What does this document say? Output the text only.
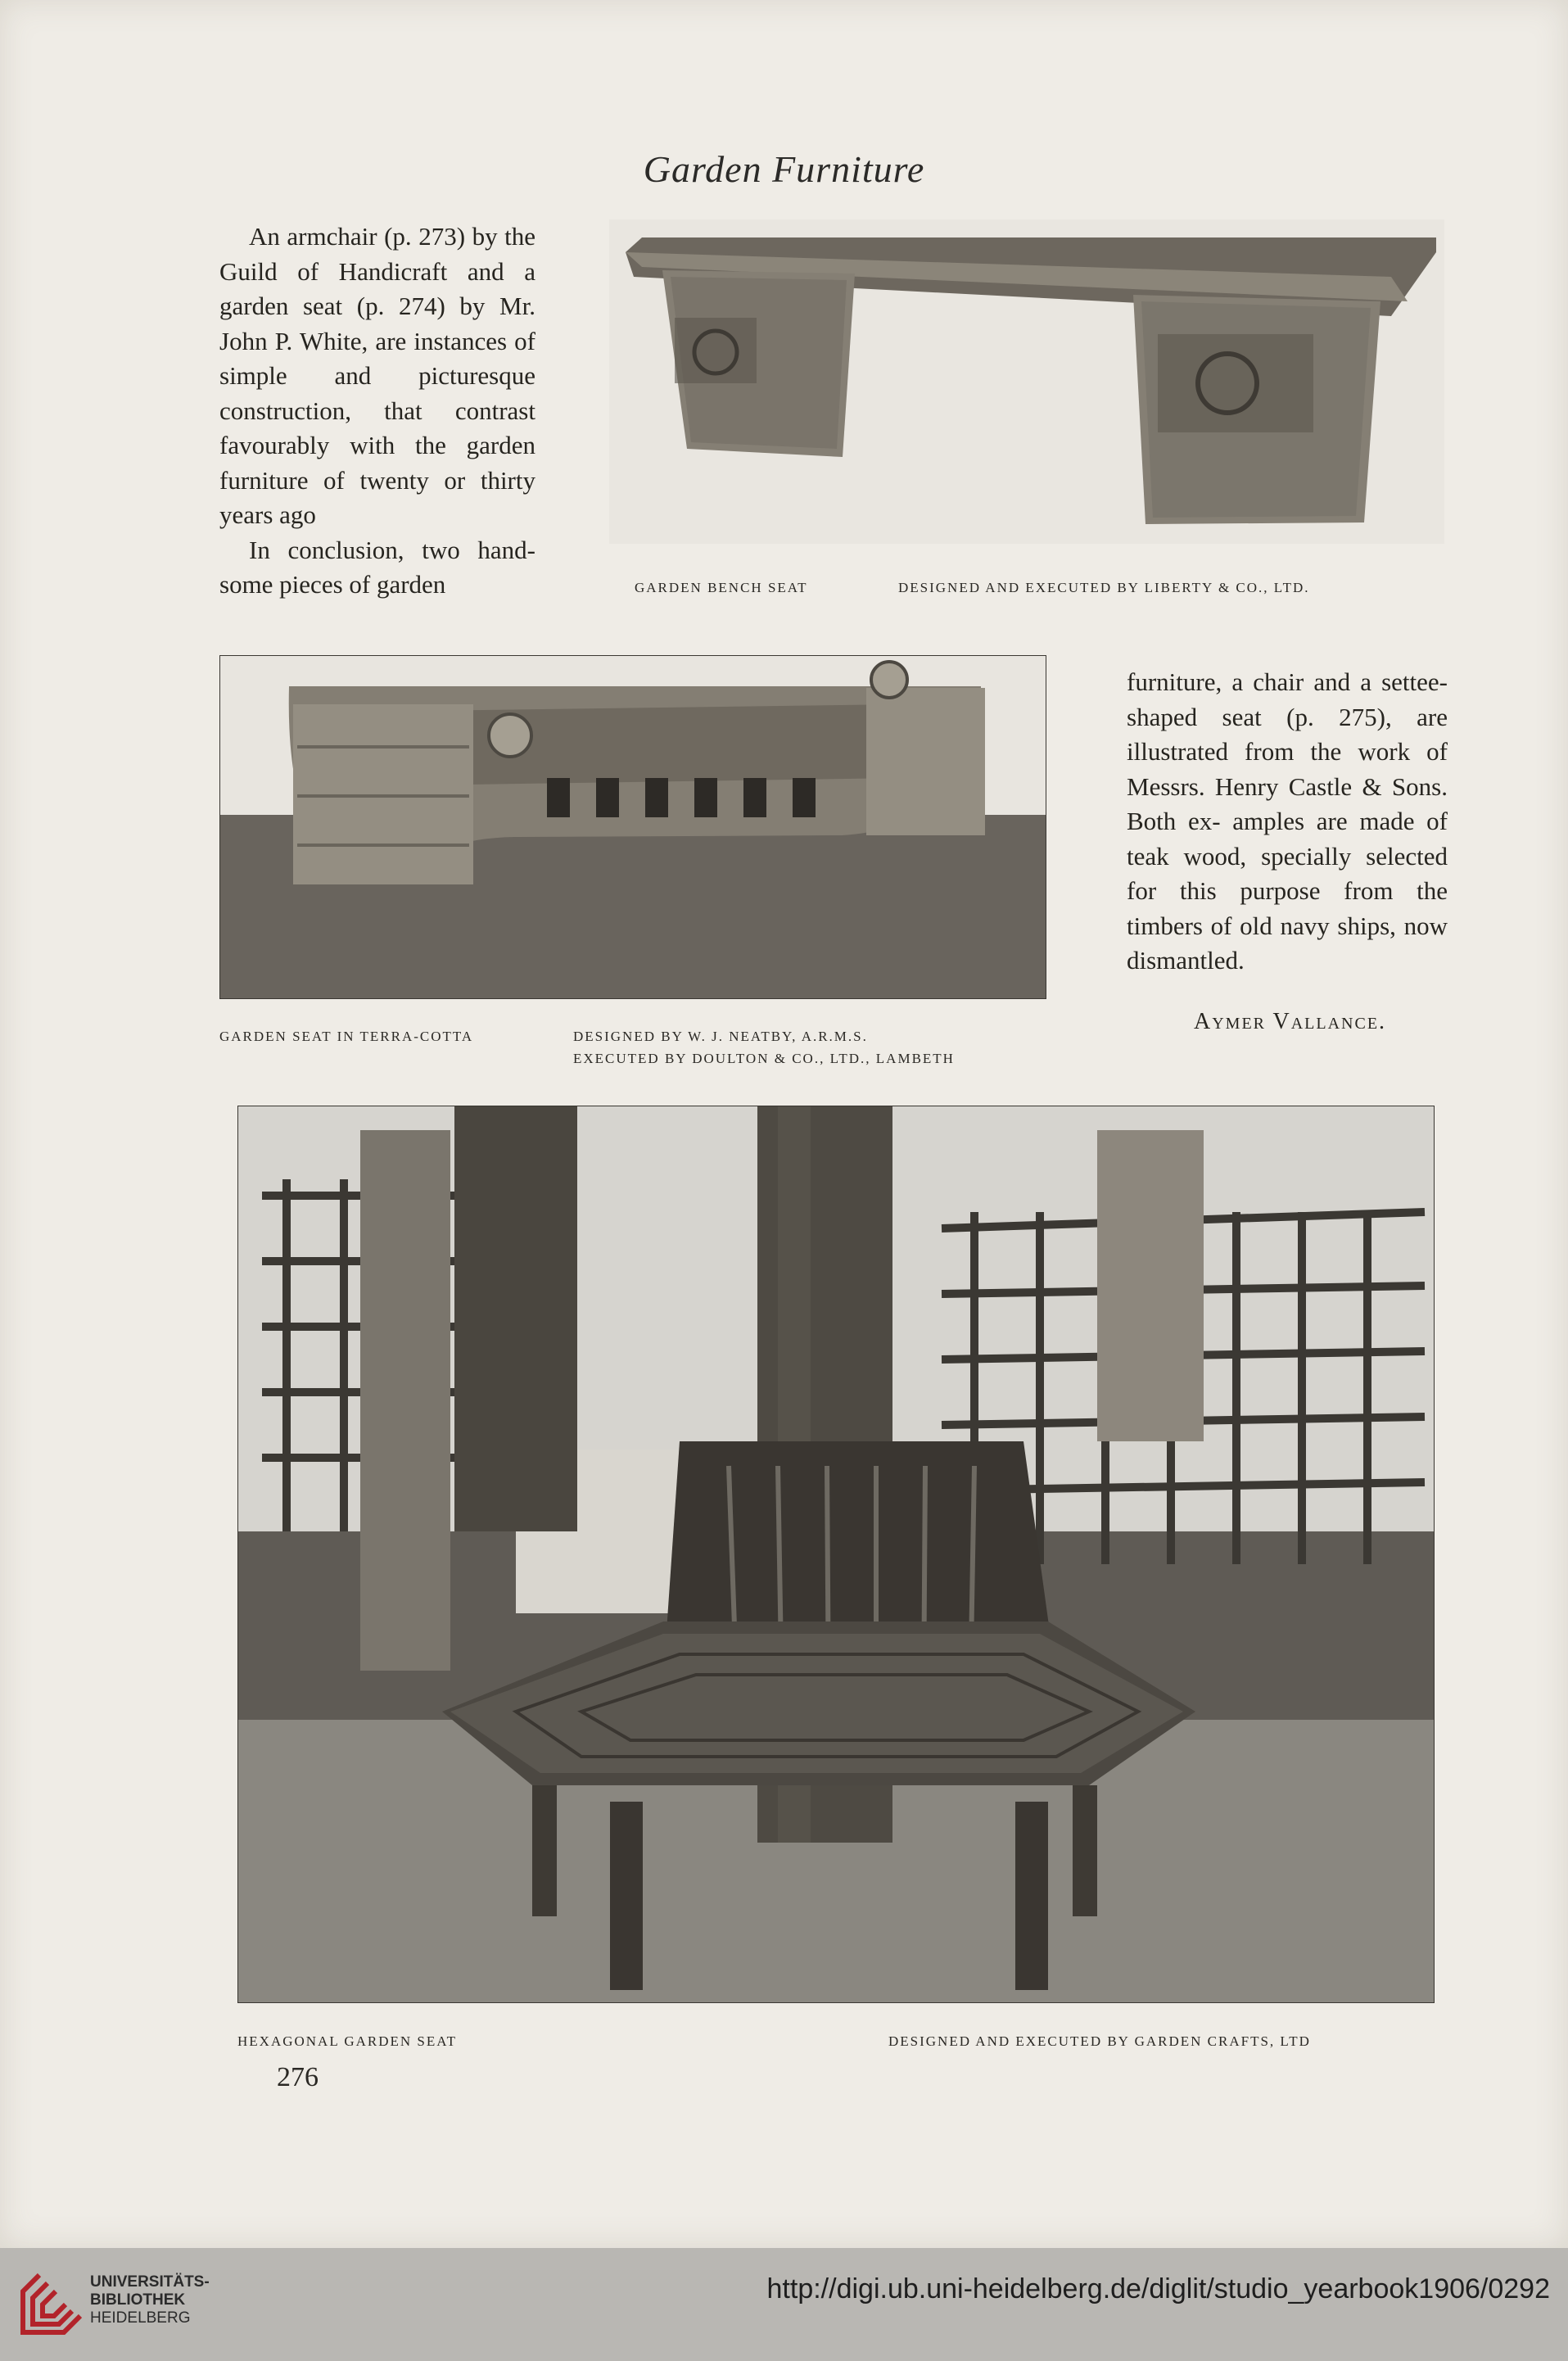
Garden Furniture

An armchair (p. 273) by the Guild of Handicraft and a garden seat (p. 274) by Mr. John P. White, are instances of simple and picturesque construction, that contrast favourably with the garden furniture of twenty or thirty years ago

In conclusion, two hand- some pieces of garden	GARDEN BENCH SEAT	DESIGNED AND EXECUTED BY LIBERTY & CO., LTD.
GARDEN SEAT IN TERRA-COTTA	DESIGNED BY W. J. NEATBY, A.R.M.S.
EXECUTED BY DOULTON & CO., LTD., LAMBETH

furniture, a chair and a settee-shaped seat (p. 275), are illustrated from the work of Messrs. Henry Castle & Sons. Both ex- amples are made of teak wood, specially selected for this purpose from the timbers of old navy ships, now dismantled.

Aymer Vallance.
HEXAGONAL GARDEN SEAT	DESIGNED AND EXECUTED BY GARDEN CRAFTS, LTD
276
UNIVERSITÄTS-
BIBLIOTHEK
HEIDELBERG
http://digi.ub.uni-heidelberg.de/diglit/studio_yearbook1906/0292
